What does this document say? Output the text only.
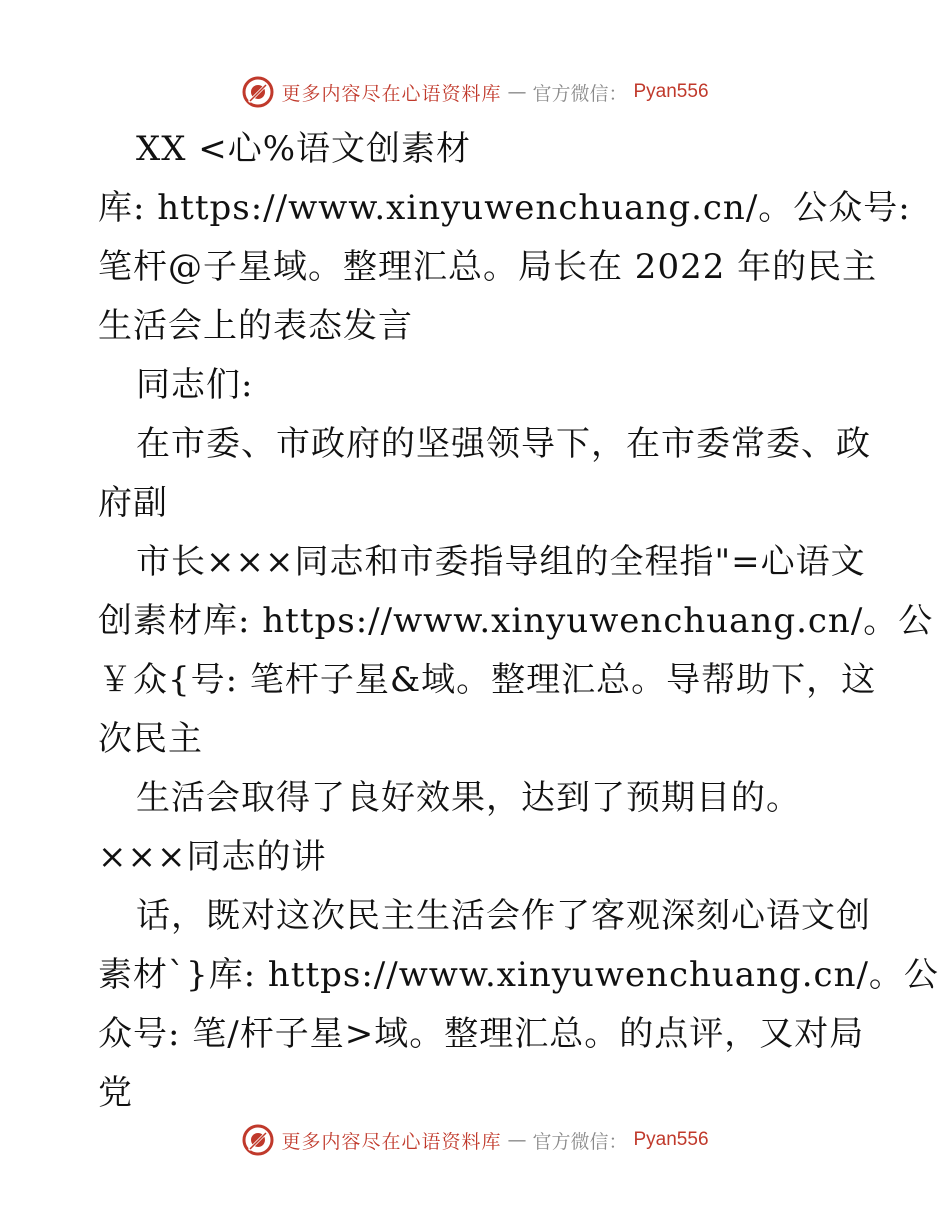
更多内容尽在心语资料库 — 官方微信： Pyan556

XX <心%语文创素材

库: https://www.xinyuwenchuang.cn/。公众号:

笔杆@子星域。整理汇总。局长在 2022 年的民主

生活会上的表态发言

同志们:

在市委、市政府的坚强领导下，在市委常委、政

府副

市长×××同志和市委指导组的全程指"=心语文

创素材库: https://www.xinyuwenchuang.cn/。公

￥众{号: 笔杆子星&域。整理汇总。导帮助下，这

次民主

生活会取得了良好效果，达到了预期目的。

×××同志的讲

话，既对这次民主生活会作了客观深刻心语文创

素材`}库: https://www.xinyuwenchuang.cn/。公

众号: 笔/杆子星>域。整理汇总。的点评，又对局

党

更多内容尽在心语资料库 — 官方微信： Pyan556
